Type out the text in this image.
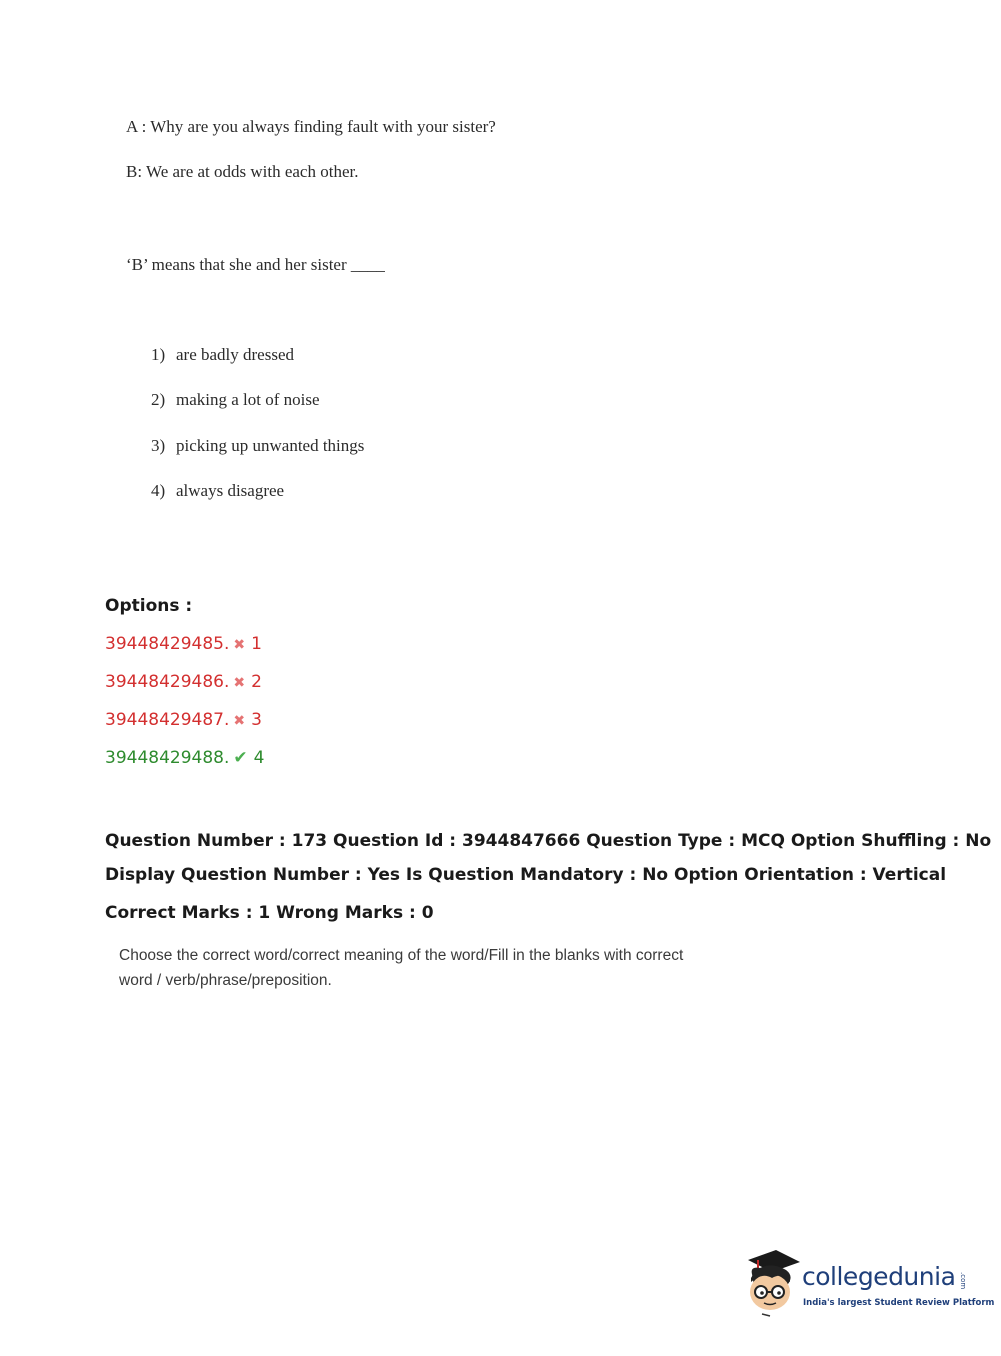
A : Why are you always finding fault with your sister?
B: We are at odds with each other.
‘B’ means that she and her sister ____
1) are badly dressed
2) making a lot of noise
3) picking up unwanted things
4) always disagree
Options :
39448429485. ✖ 1
39448429486. ✖ 2
39448429487. ✖ 3
39448429488. ✔ 4
Question Number : 173 Question Id : 3944847666 Question Type : MCQ Option Shuffling : No
Display Question Number : Yes Is Question Mandatory : No Option Orientation : Vertical
Correct Marks : 1 Wrong Marks : 0
Choose the correct word/correct meaning of the word/Fill in the blanks with correct word / verb/phrase/preposition.
collegedunia .com
India's largest Student Review Platform
